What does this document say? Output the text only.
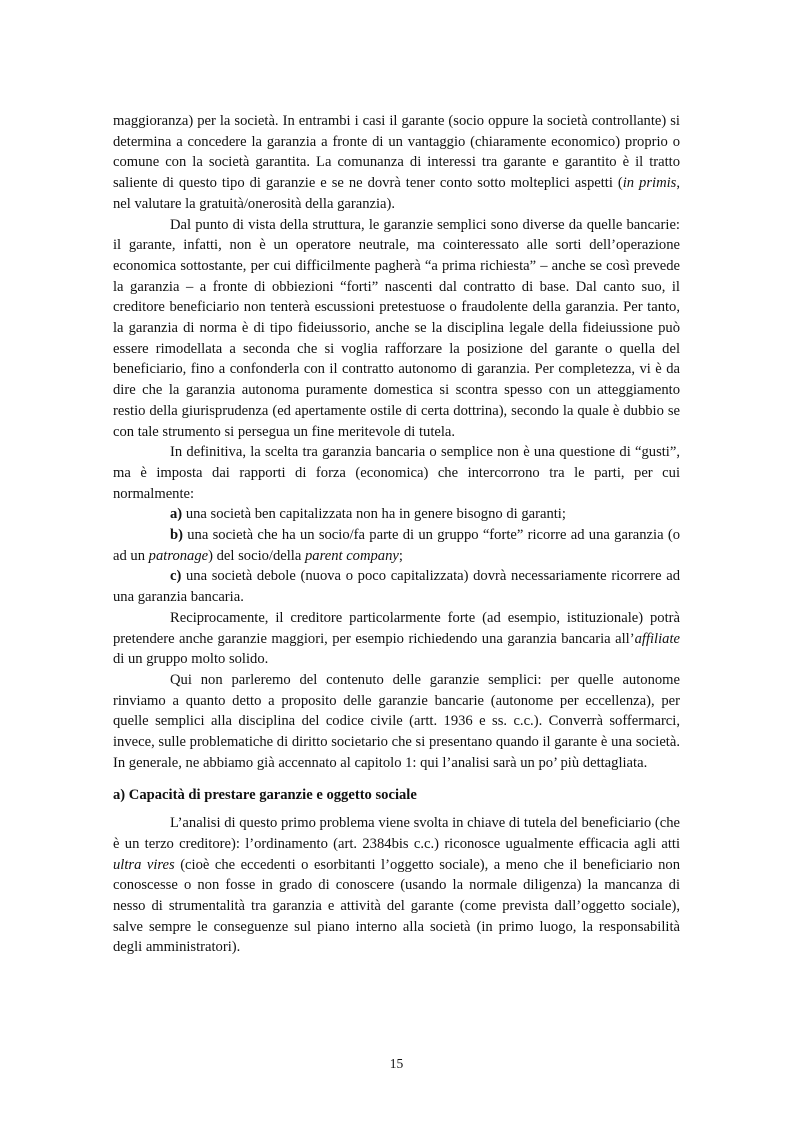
maggioranza) per la società. In entrambi i casi il garante (socio oppure la società controllante) si determina a concedere la garanzia a fronte di un vantaggio (chiaramente economico) proprio o comune con la società garantita. La comunanza di interessi tra garante e garantito è il tratto saliente di questo tipo di garanzie e se ne dovrà tener conto sotto molteplici aspetti (in primis, nel valutare la gratuità/onerosità della garanzia).

Dal punto di vista della struttura, le garanzie semplici sono diverse da quelle bancarie: il garante, infatti, non è un operatore neutrale, ma cointeressato alle sorti dell’operazione economica sottostante, per cui difficilmente pagherà “a prima richiesta” – anche se così prevede la garanzia – a fronte di obbiezioni “forti” nascenti dal contratto di base. Dal canto suo, il creditore beneficiario non tenterà escussioni pretestuose o fraudolente della garanzia. Per tanto, la garanzia di norma è di tipo fideiussorio, anche se la disciplina legale della fideiussione può essere rimodellata a seconda che si voglia rafforzare la posizione del garante o quella del beneficiario, fino a confonderla con il contratto autonomo di garanzia. Per completezza, vi è da dire che la garanzia autonoma puramente domestica si scontra spesso con un atteggiamento restio della giurisprudenza (ed apertamente ostile di certa dottrina), secondo la quale è dubbio se con tale strumento si persegua un fine meritevole di tutela.

In definitiva, la scelta tra garanzia bancaria o semplice non è una questione di “gusti”, ma è imposta dai rapporti di forza (economica) che intercorrono tra le parti, per cui normalmente:

a) una società ben capitalizzata non ha in genere bisogno di garanti;

b) una società che ha un socio/fa parte di un gruppo “forte” ricorre ad una garanzia (o ad un patronage) del socio/della parent company;

c) una società debole (nuova o poco capitalizzata) dovrà necessariamente ricorrere ad una garanzia bancaria.

Reciprocamente, il creditore particolarmente forte (ad esempio, istituzionale) potrà pretendere anche garanzie maggiori, per esempio richiedendo una garanzia bancaria all’affiliate di un gruppo molto solido.

Qui non parleremo del contenuto delle garanzie semplici: per quelle autonome rinviamo a quanto detto a proposito delle garanzie bancarie (autonome per eccellenza), per quelle semplici alla disciplina del codice civile (artt. 1936 e ss. c.c.). Converrà soffermarci, invece, sulle problematiche di diritto societario che si presentano quando il garante è una società. In generale, ne abbiamo già accennato al capitolo 1: qui l’analisi sarà un po’ più dettagliata.

a) Capacità di prestare garanzie e oggetto sociale

L’analisi di questo primo problema viene svolta in chiave di tutela del beneficiario (che è un terzo creditore): l’ordinamento (art. 2384bis c.c.) riconosce ugualmente efficacia agli atti ultra vires (cioè che eccedenti o esorbitanti l’oggetto sociale), a meno che il beneficiario non conoscesse o non fosse in grado di conoscere (usando la normale diligenza) la mancanza di nesso di strumentalità tra garanzia e attività del garante (come prevista dall’oggetto sociale), salve sempre le conseguenze sul piano interno alla società (in primo luogo, la responsabilità degli amministratori).

15
